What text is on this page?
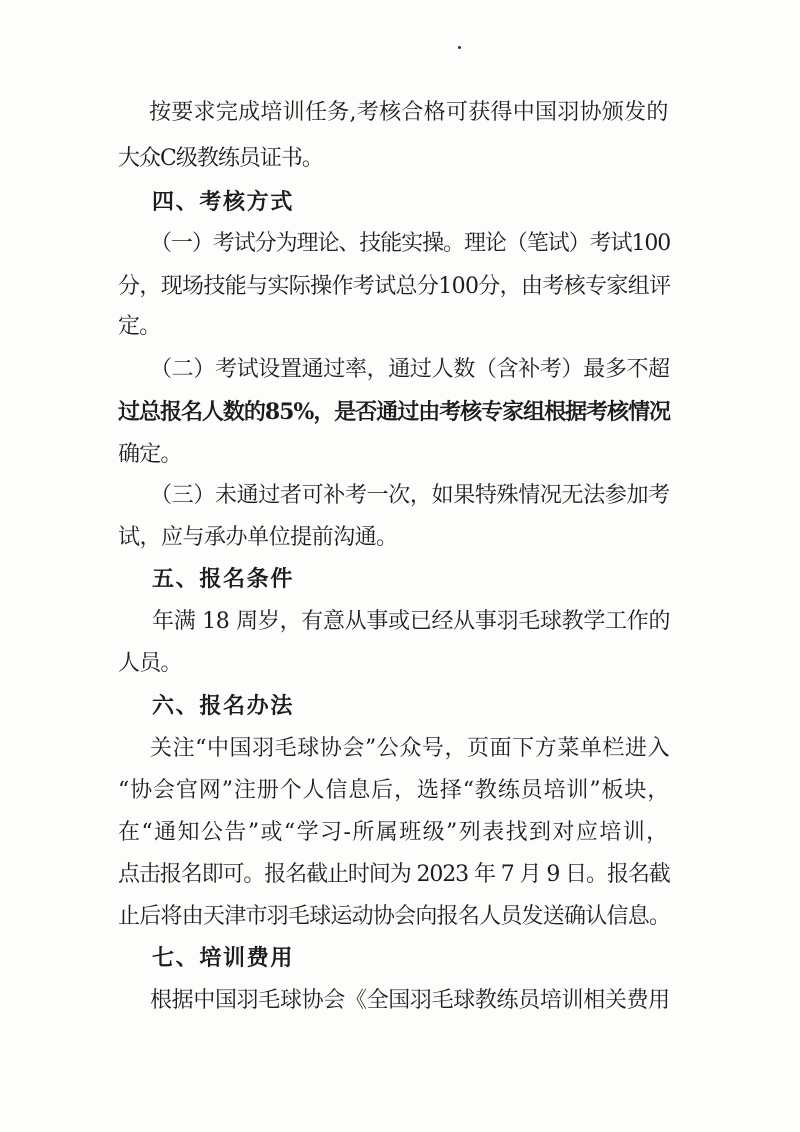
按要求完成培训任务,考核合格可获得中国羽协颁发的
大众C级教练员证书。
四、考核方式
（一）考试分为理论、技能实操。理论（笔试）考试100
分，现场技能与实际操作考试总分100分，由考核专家组评
定。
（二）考试设置通过率，通过人数（含补考）最多不超
过总报名人数的85%，是否通过由考核专家组根据考核情况
确定。
（三）未通过者可补考一次，如果特殊情况无法参加考
试，应与承办单位提前沟通。
五、报名条件
年满 18 周岁，有意从事或已经从事羽毛球教学工作的
人员。
六、报名办法
关注“中国羽毛球协会”公众号，页面下方菜单栏进入
“协会官网”注册个人信息后，选择“教练员培训”板块，
在“通知公告”或“学习-所属班级”列表找到对应培训，
点击报名即可。报名截止时间为 2023 年 7 月 9 日。报名截
止后将由天津市羽毛球运动协会向报名人员发送确认信息。
七、培训费用
根据中国羽毛球协会《全国羽毛球教练员培训相关费用
